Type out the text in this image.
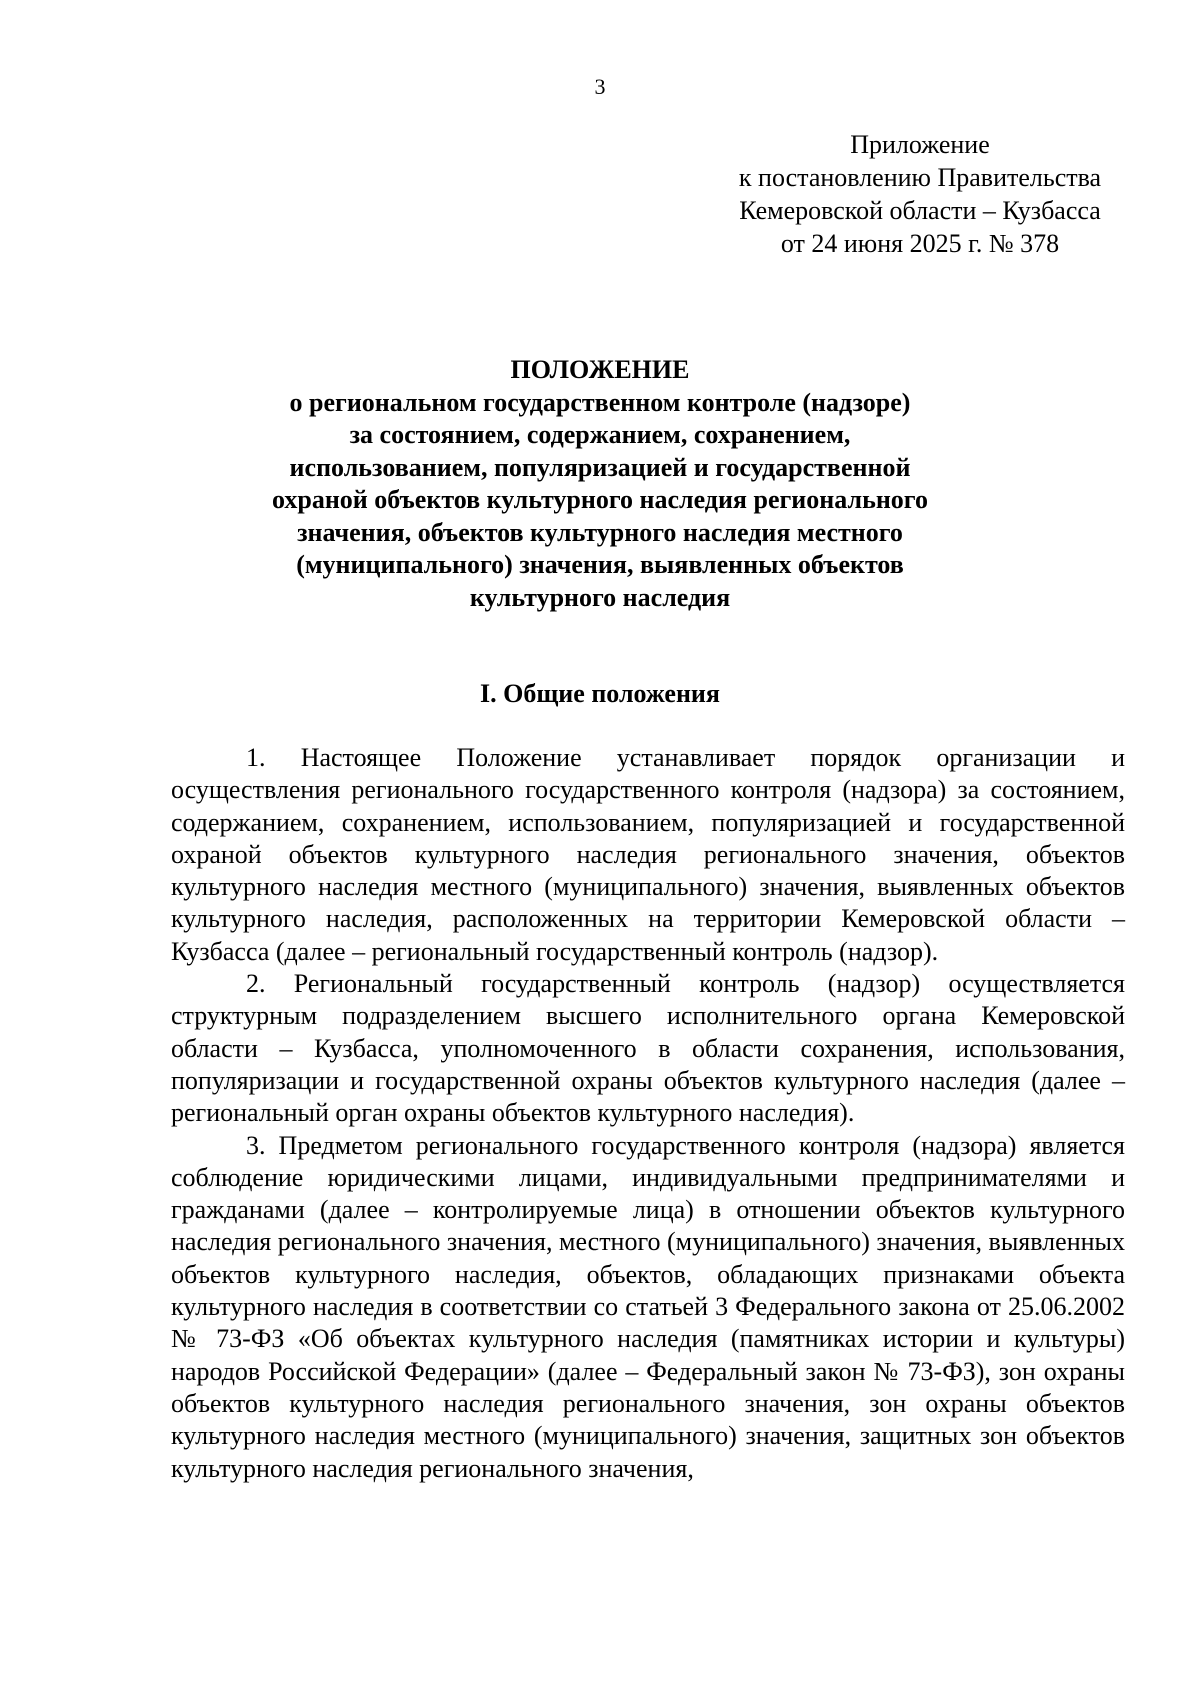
3
Приложение
к постановлению Правительства
Кемеровской области – Кузбасса
от 24 июня 2025 г. № 378
ПОЛОЖЕНИЕ
о региональном государственном контроле (надзоре)
за состоянием, содержанием, сохранением,
использованием, популяризацией и государственной
охраной объектов культурного наследия регионального
значения, объектов культурного наследия местного
(муниципального) значения, выявленных объектов
культурного наследия
I. Общие положения

1. Настоящее Положение устанавливает порядок организации и осуществления регионального государственного контроля (надзора) за состоянием, содержанием, сохранением, использованием, популяризацией и государственной охраной объектов культурного наследия регионального значения, объектов культурного наследия местного (муниципального) значения, выявленных объектов культурного наследия, расположенных на территории Кемеровской области – Кузбасса (далее – региональный государственный контроль (надзор).

2. Региональный государственный контроль (надзор) осуществляется структурным подразделением высшего исполнительного органа Кемеровской области – Кузбасса, уполномоченного в области сохранения, использования, популяризации и государственной охраны объектов культурного наследия (далее – региональный орган охраны объектов культурного наследия).

3. Предметом регионального государственного контроля (надзора) является соблюдение юридическими лицами, индивидуальными предпринимателями и гражданами (далее – контролируемые лица) в отношении объектов культурного наследия регионального значения, местного (муниципального) значения, выявленных объектов культурного наследия, объектов, обладающих признаками объекта культурного наследия в соответствии со статьей 3 Федерального закона от 25.06.2002 № 73-ФЗ «Об объектах культурного наследия (памятниках истории и культуры) народов Российской Федерации» (далее – Федеральный закон № 73-ФЗ), зон охраны объектов культурного наследия регионального значения, зон охраны объектов культурного наследия местного (муниципального) значения, защитных зон объектов культурного наследия регионального значения,
